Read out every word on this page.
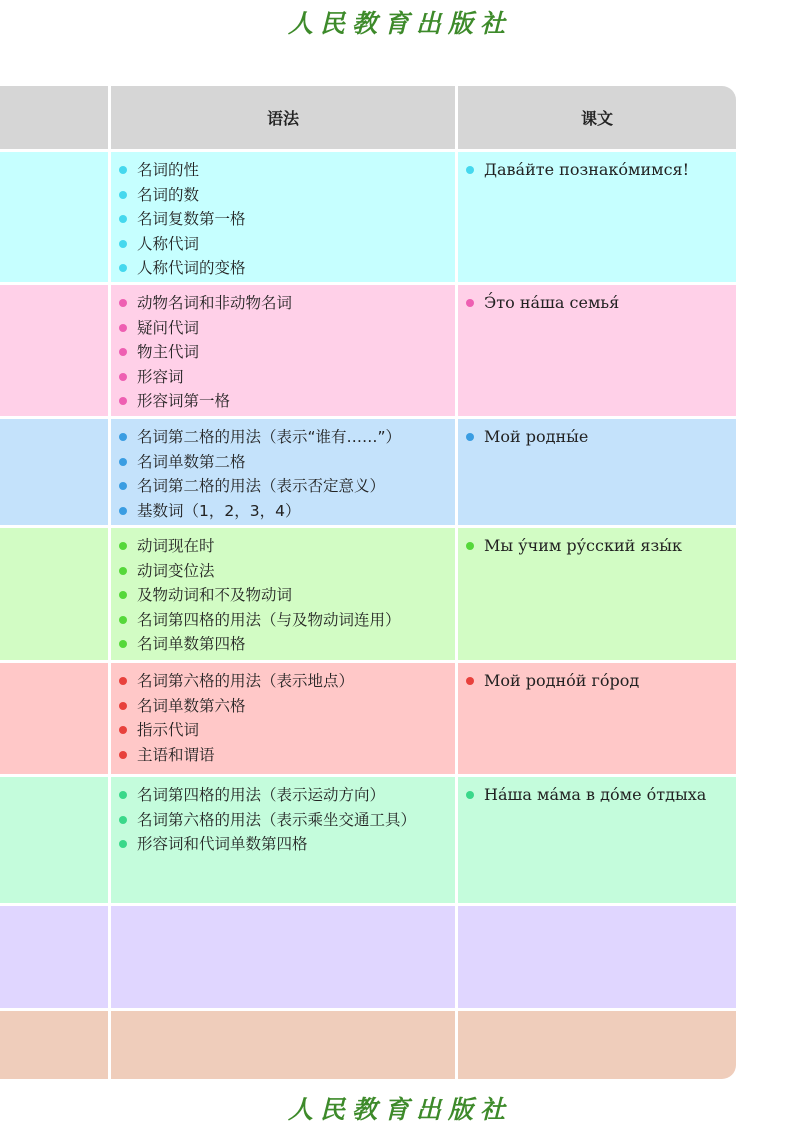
人民教育出版社
语法	课文
名词的性
名词的数
名词复数第一格
人称代词
人称代词的变格
Дава́йте познако́мимся!
动物名词和非动物名词
疑问代词
物主代词
形容词
形容词第一格
Э́то на́ша семья́
名词第二格的用法（表示“谁有……”）
名词单数第二格
名词第二格的用法（表示否定意义）
基数词（1，2，3，4）
Мой родны́е
动词现在时
动词变位法
及物动词和不及物动词
名词第四格的用法（与及物动词连用）
名词单数第四格
Мы у́чим ру́сский язы́к
名词第六格的用法（表示地点）
名词单数第六格
指示代词
主语和谓语
Мой родно́й го́род
名词第四格的用法（表示运动方向）
名词第六格的用法（表示乘坐交通工具）
形容词和代词单数第四格
На́ша ма́ма в до́ме о́тдыха
人民教育出版社
